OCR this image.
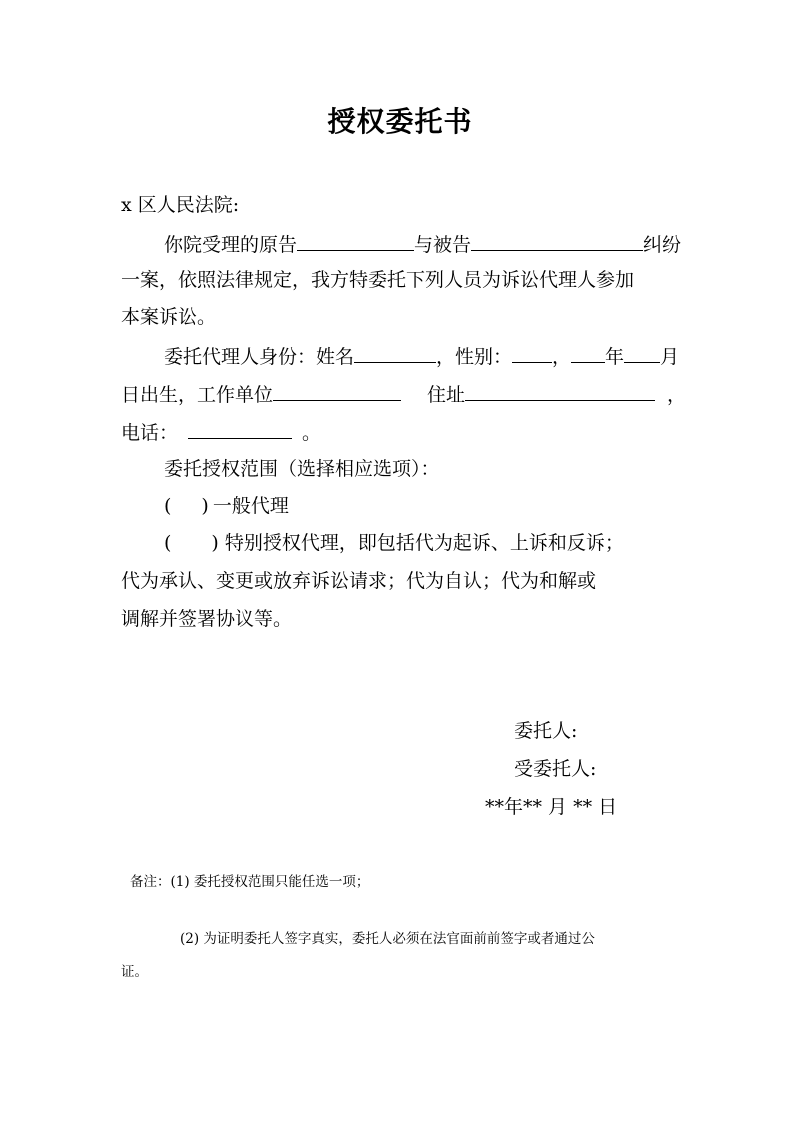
授权委托书
x 区人民法院:
你院受理的原告	与被告	纠纷
一案，依照法律规定，我方特委托下列人员为诉讼代理人参加
本案诉讼。
委托代理人身份：姓名	，性别： ， 年 月
日出生，工作单位	住址	，
电话：	。
委托授权范围（选择相应选项）：
( ) 一般代理
( ) 特别授权代理，即包括代为起诉、上诉和反诉；
代为承认、变更或放弃诉讼请求；代为自认；代为和解或
调解并签署协议等。
委托人:
受委托人:
**年** 月 ** 日
备注：(1) 委托授权范围只能任选一项；
(2) 为证明委托人签字真实，委托人必须在法官面前前签字或者通过公
证。
